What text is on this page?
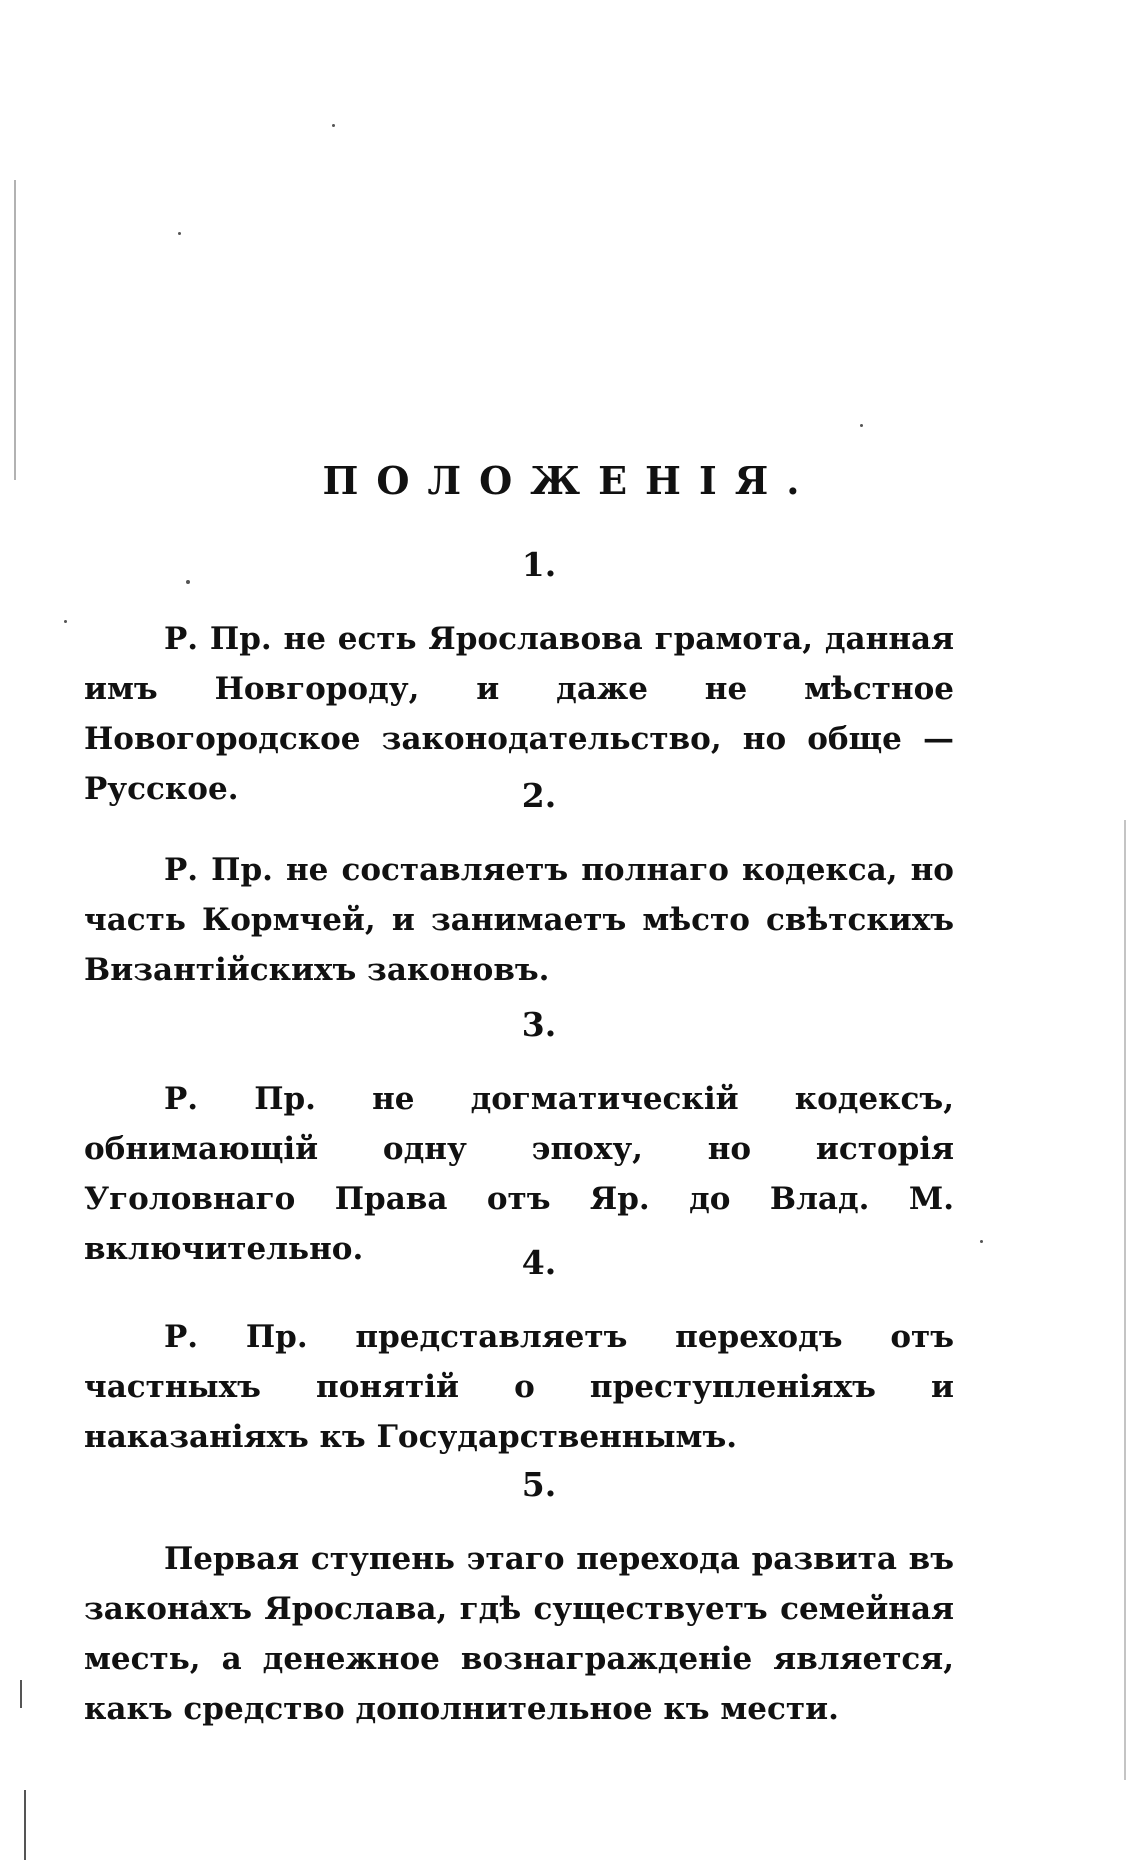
ПОЛОЖЕНІЯ.
1.
Р. Пр. не есть Ярославова грамота, данная имъ Новгороду, и даже не мѣстное Новогородское законодательство, но обще — Русское.	2.
Р. Пр. не составляетъ полнаго кодекса, но часть Кормчей, и занимаетъ мѣсто свѣтскихъ Византійскихъ законовъ.
3.
Р. Пр. не догматическій кодексъ, обнимающій одну эпоху, но исторія Уголовнаго Права отъ Яр. до Влад. М. включительно.	4.
Р. Пр. представляетъ переходъ отъ частныхъ понятій о преступленіяхъ и наказаніяхъ къ Государственнымъ.
5.
Первая ступень этаго перехода развита въ законахъ Ярослава, гдѣ существуетъ семейная месть, а денежное вознагражденіе является, какъ средство дополнительное къ мести.
